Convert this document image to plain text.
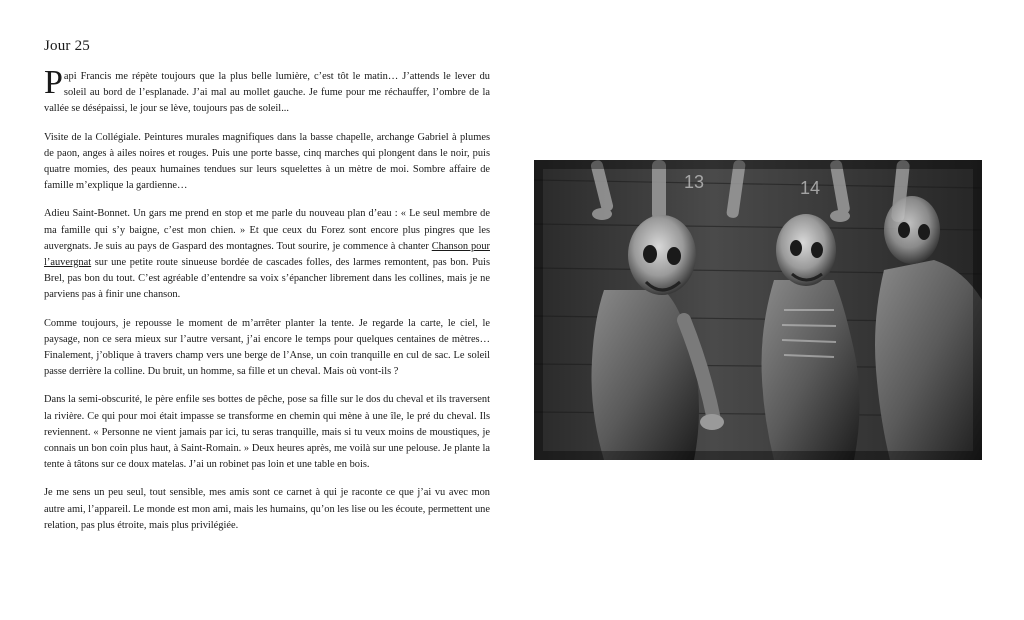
Jour 25

Papi Francis me répète toujours que la plus belle lumière, c’est tôt le matin… J’attends le lever du soleil au bord de l’esplanade. J’ai mal au mollet gauche. Je fume pour me réchauffer, l’ombre de la vallée se désépaissi, le jour se lève, toujours pas de soleil...

Visite de la Collégiale. Peintures murales magnifiques dans la basse chapelle, archange Gabriel à plumes de paon, anges à ailes noires et rouges. Puis une porte basse, cinq marches qui plongent dans le noir, puis quatre momies, des peaux humaines tendues sur leurs squelettes à un mètre de moi. Sombre affaire de famille m’explique la gardienne…

Adieu Saint-Bonnet. Un gars me prend en stop et me parle du nouveau plan d’eau : « Le seul membre de ma famille qui s’y baigne, c’est mon chien. » Et que ceux du Forez sont encore plus pingres que les auvergnats. Je suis au pays de Gaspard des montagnes. Tout sourire, je commence à chanter Chanson pour l’auvergnat sur une petite route sinueuse bordée de cascades folles, des larmes remontent, pas bon. Puis Brel, pas bon du tout. C’est agréable d’entendre sa voix s’épancher librement dans les collines, mais je ne parviens pas à finir une chanson.

Comme toujours, je repousse le moment de m’arrêter planter la tente. Je regarde la carte, le ciel, le paysage, non ce sera mieux sur l’autre versant, j’ai encore le temps pour quelques centaines de mètres… Finalement, j’oblique à travers champ vers une berge de l’Anse, un coin tranquille en cul de sac. Le soleil passe derrière la colline. Du bruit, un homme, sa fille et un cheval. Mais où vont-ils ?

Dans la semi-obscurité, le père enfile ses bottes de pêche, pose sa fille sur le dos du cheval et ils traversent la rivière. Ce qui pour moi était impasse se transforme en chemin qui mène à une île, le pré du cheval. Ils reviennent. « Personne ne vient jamais par ici, tu seras tranquille, mais si tu veux moins de moustiques, je connais un bon coin plus haut, à Saint-Romain. » Deux heures après, me voilà sur une pelouse. Je plante la tente à tâtons sur ce doux matelas. J’ai un robinet pas loin et une table en bois.

Je me sens un peu seul, tout sensible, mes amis sont ce carnet à qui je raconte ce que j’ai vu avec mon autre ami, l’appareil. Le monde est mon ami, mais les humains, qu’on les lise ou les écoute, permettent une relation, pas plus étroite, mais plus privilégiée.

13	14
